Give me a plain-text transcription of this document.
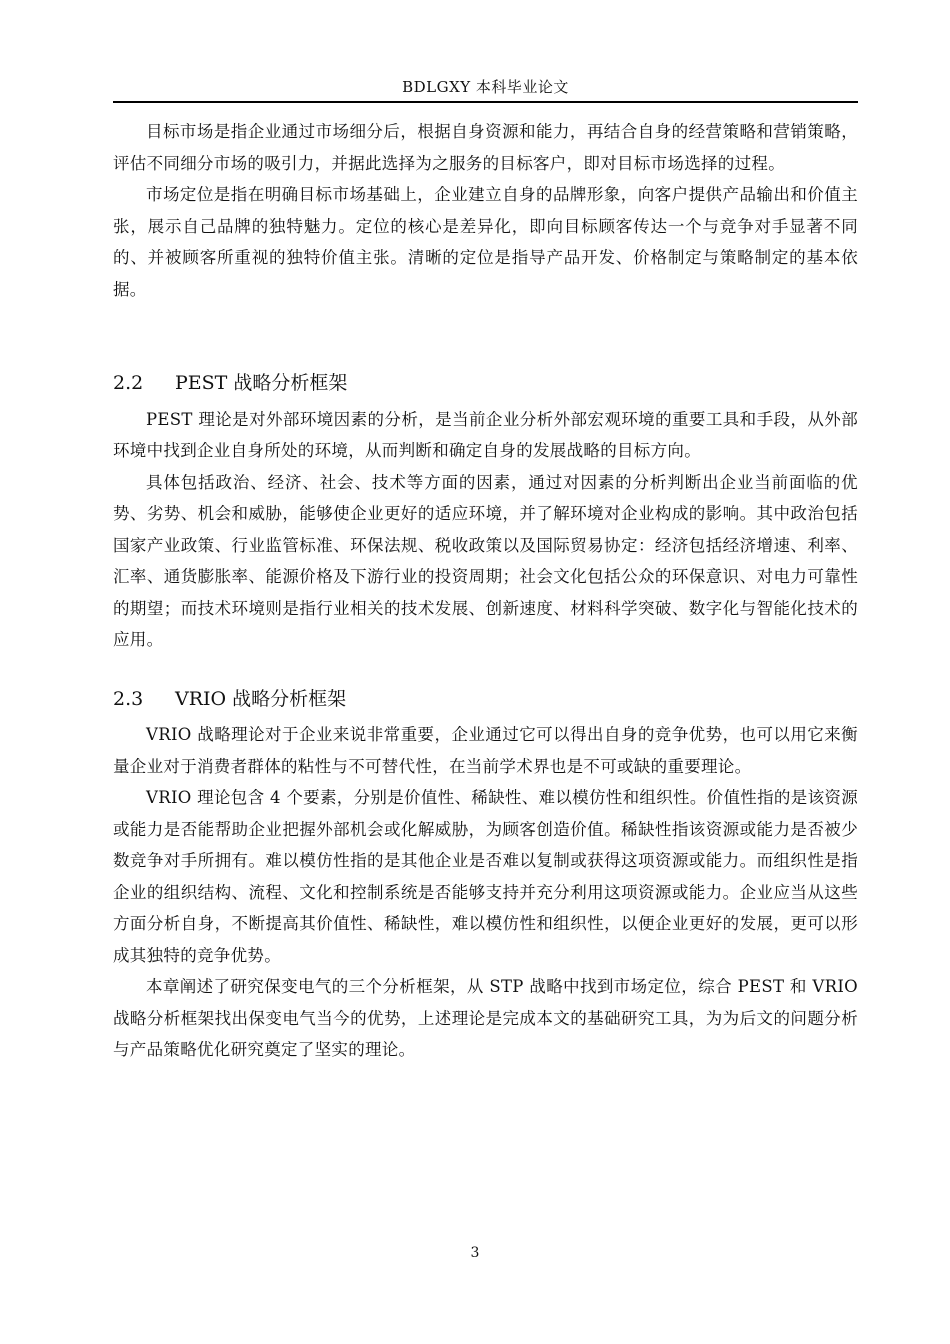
BDLGXY 本科毕业论文

目标市场是指企业通过市场细分后，根据自身资源和能力，再结合自身的经营策略和营销策略，评估不同细分市场的吸引力，并据此选择为之服务的目标客户，即对目标市场选择的过程。

市场定位是指在明确目标市场基础上，企业建立自身的品牌形象，向客户提供产品输出和价值主张，展示自己品牌的独特魅力。定位的核心是差异化，即向目标顾客传达一个与竞争对手显著不同的、并被顾客所重视的独特价值主张。清晰的定位是指导产品开发、价格制定与策略制定的基本依据。

2.2 PEST 战略分析框架

PEST 理论是对外部环境因素的分析，是当前企业分析外部宏观环境的重要工具和手段，从外部环境中找到企业自身所处的环境，从而判断和确定自身的发展战略的目标方向。

具体包括政治、经济、社会、技术等方面的因素，通过对因素的分析判断出企业当前面临的优势、劣势、机会和威胁，能够使企业更好的适应环境，并了解环境对企业构成的影响。其中政治包括国家产业政策、行业监管标准、环保法规、税收政策以及国际贸易协定：经济包括经济增速、利率、汇率、通货膨胀率、能源价格及下游行业的投资周期；社会文化包括公众的环保意识、对电力可靠性的期望；而技术环境则是指行业相关的技术发展、创新速度、材料科学突破、数字化与智能化技术的应用。

2.3 VRIO 战略分析框架

VRIO 战略理论对于企业来说非常重要，企业通过它可以得出自身的竞争优势，也可以用它来衡量企业对于消费者群体的粘性与不可替代性，在当前学术界也是不可或缺的重要理论。

VRIO 理论包含 4 个要素，分别是价值性、稀缺性、难以模仿性和组织性。价值性指的是该资源或能力是否能帮助企业把握外部机会或化解威胁，为顾客创造价值。稀缺性指该资源或能力是否被少数竞争对手所拥有。难以模仿性指的是其他企业是否难以复制或获得这项资源或能力。而组织性是指企业的组织结构、流程、文化和控制系统是否能够支持并充分利用这项资源或能力。企业应当从这些方面分析自身，不断提高其价值性、稀缺性，难以模仿性和组织性，以便企业更好的发展，更可以形成其独特的竞争优势。

本章阐述了研究保变电气的三个分析框架，从 STP 战略中找到市场定位，综合 PEST 和 VRIO 战略分析框架找出保变电气当今的优势，上述理论是完成本文的基础研究工具，为为后文的问题分析与产品策略优化研究奠定了坚实的理论。

3
